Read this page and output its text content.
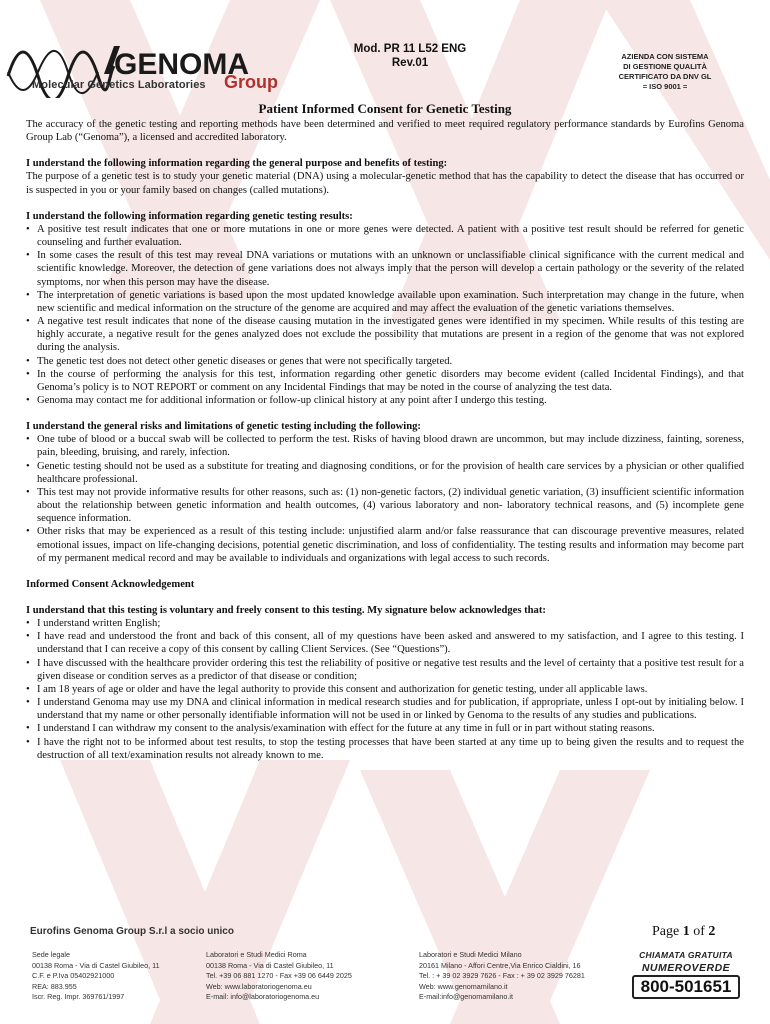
GENOMA
Molecular Genetics Laboratories Group
Mod. PR 11 L52 ENG
Rev.01
AZIENDA CON SISTEMA
DI GESTIONE QUALITÀ
CERTIFICATO DA DNV GL
= ISO 9001 =
Patient Informed Consent for Genetic Testing

The accuracy of the genetic testing and reporting methods have been determined and verified to meet required regulatory performance standards by Eurofins Genoma Group Lab (“Genoma”), a licensed and accredited laboratory.

I understand the following information regarding the general purpose and benefits of testing:

The purpose of a genetic test is to study your genetic material (DNA) using a molecular-genetic method that has the capability to detect the disease that has occurred or is suspected in you or your family based on changes (called mutations).

I understand the following information regarding genetic testing results:
• A positive test result indicates that one or more mutations in one or more genes were detected. A patient with a positive test result should be referred for genetic counseling and further evaluation.
• In some cases the result of this test may reveal DNA variations or mutations with an unknown or unclassifiable clinical significance with the current medical and scientific knowledge. Moreover, the detection of gene variations does not always imply that the person will develop a certain pathology or the severity of the related symptoms, nor when this person may have the disease.
• The interpretation of genetic variations is based upon the most updated knowledge available upon examination. Such interpretation may change in the future, when new scientific and medical information on the structure of the genome are acquired and may affect the evaluation of the genetic variations themselves.
• A negative test result indicates that none of the disease causing mutation in the investigated genes were identified in my specimen. While results of this testing are highly accurate, a negative result for the genes analyzed does not exclude the possibility that mutations are present in a region of the genome that was not explored during the analysis.
• The genetic test does not detect other genetic diseases or genes that were not specifically targeted.
• In the course of performing the analysis for this test, information regarding other genetic disorders may become evident (called Incidental Findings), and that Genoma’s policy is to NOT REPORT or comment on any Incidental Findings that may be noted in the course of analyzing the test data.
• Genoma may contact me for additional information or follow-up clinical history at any point after I undergo this testing.
I understand the general risks and limitations of genetic testing including the following:
• One tube of blood or a buccal swab will be collected to perform the test. Risks of having blood drawn are uncommon, but may include dizziness, fainting, soreness, pain, bleeding, bruising, and rarely, infection.
• Genetic testing should not be used as a substitute for treating and diagnosing conditions, or for the provision of health care services by a physician or other qualified healthcare professional.
• This test may not provide informative results for other reasons, such as: (1) non-genetic factors, (2) individual genetic variation, (3) insufficient scientific information about the relationship between genetic information and health outcomes, (4) various laboratory and non- laboratory technical reasons, and (5) incomplete gene sequence information.
• Other risks that may be experienced as a result of this testing include: unjustified alarm and/or false reassurance that can discourage preventive measures, related emotional issues, impact on life-changing decisions, potential genetic discrimination, and loss of confidentiality. The testing results and information may become part of my permanent medical record and may be available to individuals and organizations with legal access to such records.
Informed Consent Acknowledgement
I understand that this testing is voluntary and freely consent to this testing. My signature below acknowledges that:
• I understand written English;
• I have read and understood the front and back of this consent, all of my questions have been asked and answered to my satisfaction, and I agree to this testing. I understand that I can receive a copy of this consent by calling Client Services. (See “Questions”).
• I have discussed with the healthcare provider ordering this test the reliability of positive or negative test results and the level of certainty that a positive test result for a given disease or condition serves as a predictor of that disease or condition;
• I am 18 years of age or older and have the legal authority to provide this consent and authorization for genetic testing, under all applicable laws.
• I understand Genoma may use my DNA and clinical information in medical research studies and for publication, if appropriate, unless I opt-out by initialing below. I understand that my name or other personally identifiable information will not be used in or linked by Genoma to the results of any studies and publications.
• I understand I can withdraw my consent to the analysis/examination with effect for the future at any time in full or in part without stating reasons.
• I have the right not to be informed about test results, to stop the testing processes that have been started at any time up to being given the results and to request the destruction of all text/examination results not already known to me.
Eurofins Genoma Group S.r.l a socio unico	Page 1 of 2
Sede legale
00138 Roma - Via di Castel Giubileo, 11
C.F. e P.Iva 05402921000
REA: 883.955
Iscr. Reg. Impr. 369761/1997
Laboratori e Studi Medici Roma
00138 Roma - Via di Castel Giubileo, 11
Tel. +39 06 881 1270 - Fax +39 06 6449 2025
Web: www.laboratoriogenoma.eu
E-mail: info@laboratoriogenoma.eu
Laboratori e Studi Medici Milano
20161 Milano - Affori Centre,Via Enrico Cialdini, 16
Tel. : + 39 02 3929 7626 - Fax : + 39 02 3929 76281
Web: www.genomamilano.it
E-mail:info@genomamilano.it
CHIAMATA GRATUITA
NUMEROVERDE
800-501651
